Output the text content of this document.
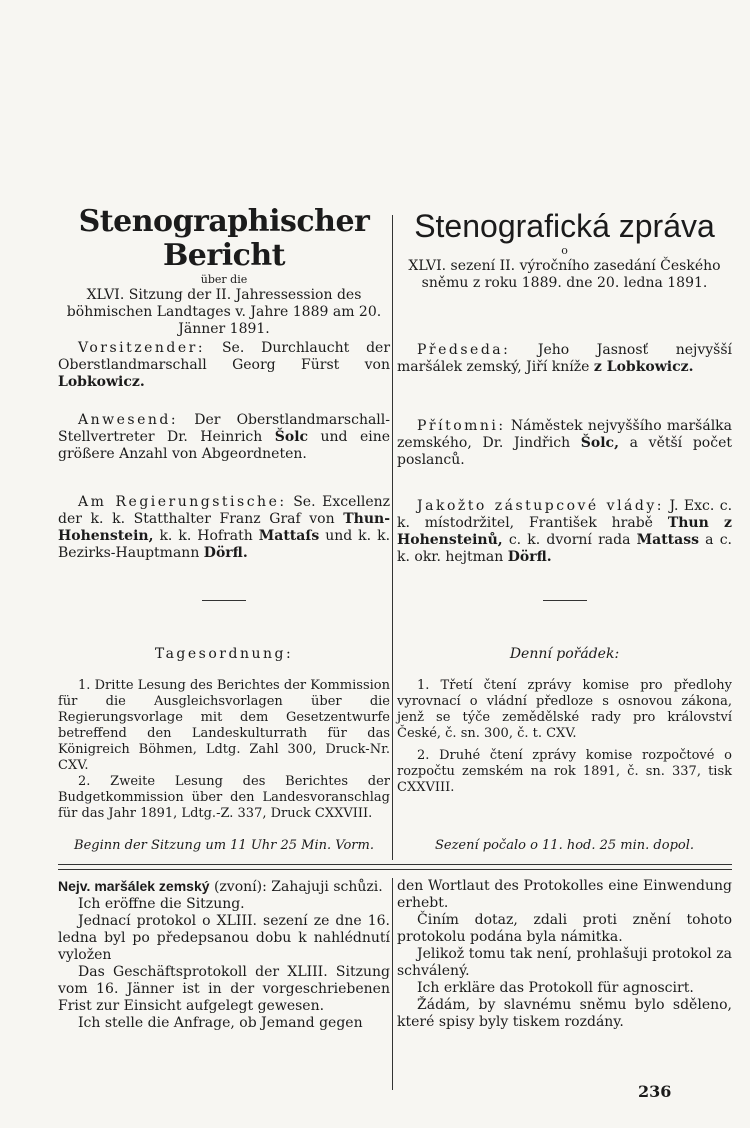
Stenographischer Bericht
über die
XLVI. Sitzung der II. Jahressession des böhmischen Landtages v. Jahre 1889 am 20. Jänner 1891.
Vorsitzender: Se. Durchlaucht der Oberstlandmarschall Georg Fürst von Lobkowicz.
Anwesend: Der Oberstlandmarschall-Stellvertreter Dr. Heinrich Šolc und eine größere Anzahl von Abgeordneten.
Am Regierungstische: Se. Excellenz der k. k. Statthalter Franz Graf von Thun-Hohenstein, k. k. Hofrath Mattaſs und k. k. Bezirks-Hauptmann Dörfl.
Tagesordnung:
1. Dritte Lesung des Berichtes der Kommission für die Ausgleichsvorlagen über die Regierungsvorlage mit dem Gesetzentwurfe betreffend den Landeskulturrath für das Königreich Böhmen, Ldtg. Zahl 300, Druck-Nr. CXV.
2. Zweite Lesung des Berichtes der Budgetkommission über den Landesvoranschlag für das Jahr 1891, Ldtg.-Z. 337, Druck CXXVIII.
Beginn der Sitzung um 11 Uhr 25 Min. Vorm.
Nejv. maršálek zemský (zvoní): Zahajuji schůzi.
Ich eröffne die Sitzung.
Jednací protokol o XLIII. sezení ze dne 16. ledna byl po předepsanou dobu k nahlédnutí vyložen
Das Geschäftsprotokoll der XLIII. Sitzung vom 16. Jänner ist in der vorgeschriebenen Frist zur Einsicht aufgelegt gewesen.
Ich stelle die Anfrage, ob Jemand gegen
Stenografická zpráva
o
XLVI. sezení II. výročního zasedání Českého sněmu z roku 1889. dne 20. ledna 1891.
Předseda: Jeho Jasnosť nejvyšší maršálek zemský, Jiří kníže z Lobkowicz.
Přítomni: Náměstek nejvyššího maršálka zemského, Dr. Jindřich Šolc, a větší počet poslanců.
Jakožto zástupcové vlády: J. Exc. c. k. místodržitel, František hrabě Thun z Hohensteinů, c. k. dvorní rada Mattass a c. k. okr. hejtman Dörfl.
Denní pořádek:
1. Třetí čtení zprávy komise pro předlohy vyrovnací o vládní předloze s osnovou zákona, jenž se týče zemědělské rady pro království České, č. sn. 300, č. t. CXV.
2. Druhé čtení zprávy komise rozpočtové o rozpočtu zemském na rok 1891, č. sn. 337, tisk CXXVIII.
Sezení počalo o 11. hod. 25 min. dopol.
den Wortlaut des Protokolles eine Einwendung erhebt.
Činím dotaz, zdali proti znění tohoto protokolu podána byla námitka.
Jelikož tomu tak není, prohlašuji protokol za schválený.
Ich erkläre das Protokoll für agnoscirt.
Žádám, by slavnému sněmu bylo sděleno, které spisy byly tiskem rozdány.
236
